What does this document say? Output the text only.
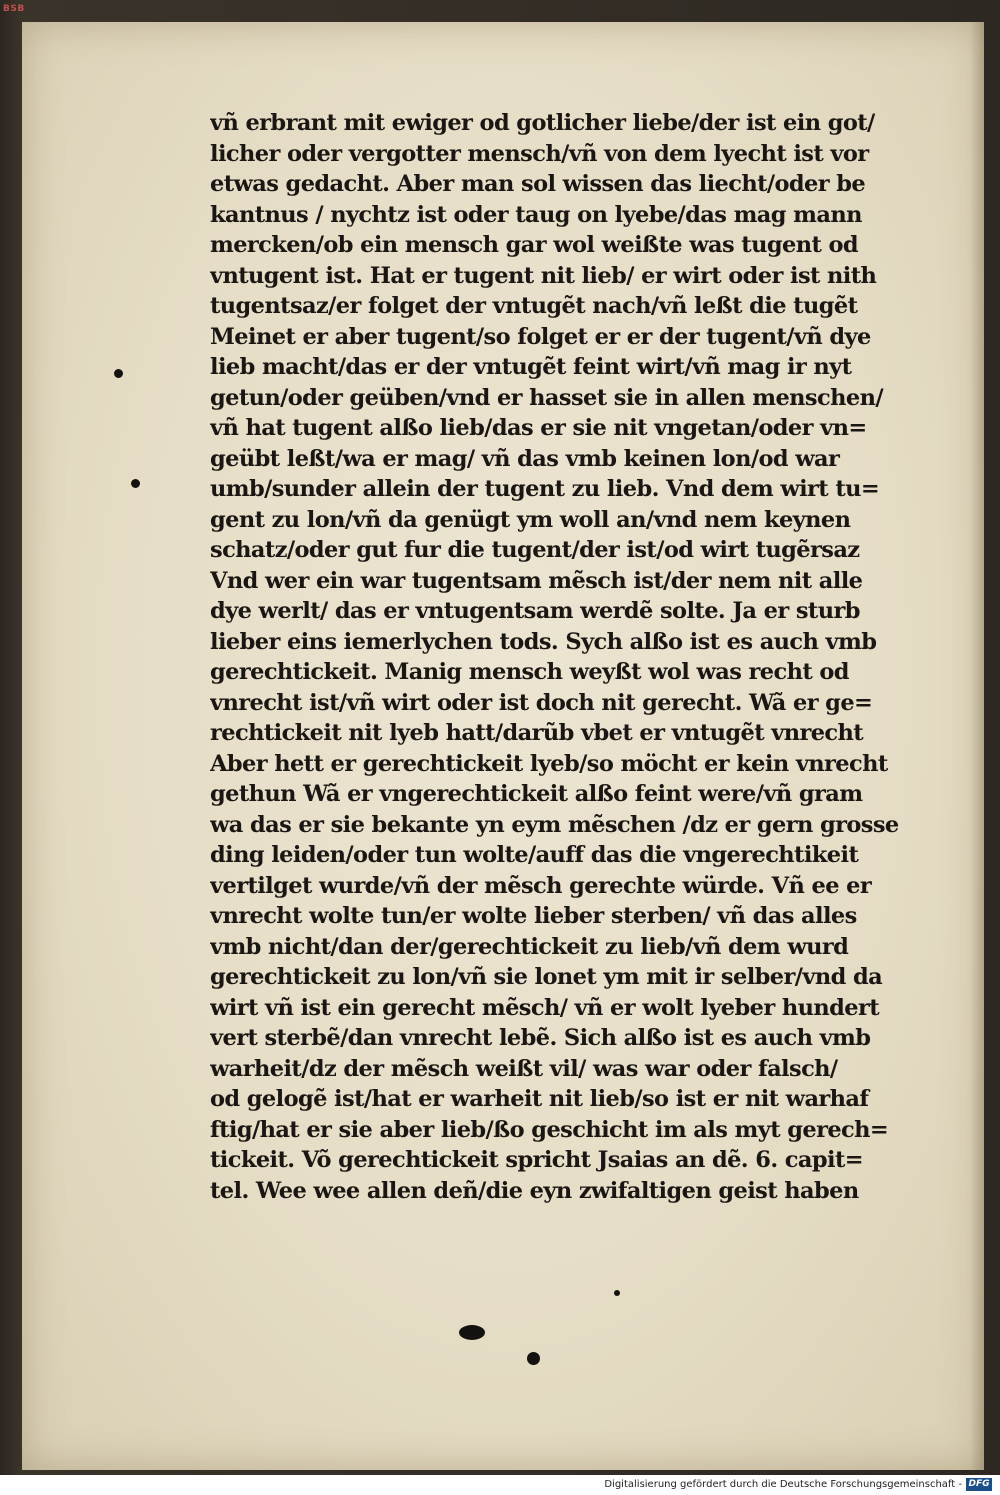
BSB
vñ erbrant mit ewiger od gotlicher liebe/der ist ein got/
licher oder vergotter mensch/vñ von dem lyecht ist vor
etwas gedacht. Aber man sol wissen das liecht/oder be
kantnus / nychtz ist oder taug on lyebe/das mag mann
mercken/ob ein mensch gar wol weißte was tugent od
vntugent ist. Hat er tugent nit lieb/ er wirt oder ist nith
tugentsaz/er folget der vntugẽt nach/vñ leßt die tugẽt
Meinet er aber tugent/so folget er er der tugent/vñ dye
lieb macht/das er der vntugẽt feint wirt/vñ mag ir nyt
getun/oder geüben/vnd er hasset sie in allen menschen/
vñ hat tugent alßo lieb/das er sie nit vngetan/oder vn=
geübt leßt/wa er mag/ vñ das vmb keinen lon/od war
umb/sunder allein der tugent zu lieb. Vnd dem wirt tu=
gent zu lon/vñ da genügt ym woll an/vnd nem keynen
schatz/oder gut fur die tugent/der ist/od wirt tugẽrsaz
Vnd wer ein war tugentsam mẽsch ist/der nem nit alle
dye werlt/ das er vntugentsam werdẽ solte. Ja er sturb
lieber eins iemerlychen tods. Sych alßo ist es auch vmb
gerechtickeit. Manig mensch weyßt wol was recht od
vnrecht ist/vñ wirt oder ist doch nit gerecht. Wã er ge=
rechtickeit nit lyeb hatt/darũb vbet er vntugẽt vnrecht
Aber hett er gerechtickeit lyeb/so möcht er kein vnrecht
gethun Wã er vngerechtickeit alßo feint were/vñ gram
wa das er sie bekante yn eym mẽschen /dz er gern grosse
ding leiden/oder tun wolte/auff das die vngerechtikeit
vertilget wurde/vñ der mẽsch gerechte würde. Vñ ee er
vnrecht wolte tun/er wolte lieber sterben/ vñ das alles
vmb nicht/dan der/gerechtickeit zu lieb/vñ dem wurd
gerechtickeit zu lon/vñ sie lonet ym mit ir selber/vnd da
wirt vñ ist ein gerecht mẽsch/ vñ er wolt lyeber hundert
vert sterbẽ/dan vnrecht lebẽ. Sich alßo ist es auch vmb
warheit/dz der mẽsch weißt vil/ was war oder falsch/
od gelogẽ ist/hat er warheit nit lieb/so ist er nit warhaf
ftig/hat er sie aber lieb/ßo geschicht im als myt gerech=
tickeit. Võ gerechtickeit spricht Jsaias an dẽ. 6. capit=
tel. Wee wee allen deñ/die eyn zwifaltigen geist haben
Digitalisierung gefördert durch die Deutsche Forschungsgemeinschaft - DFG
